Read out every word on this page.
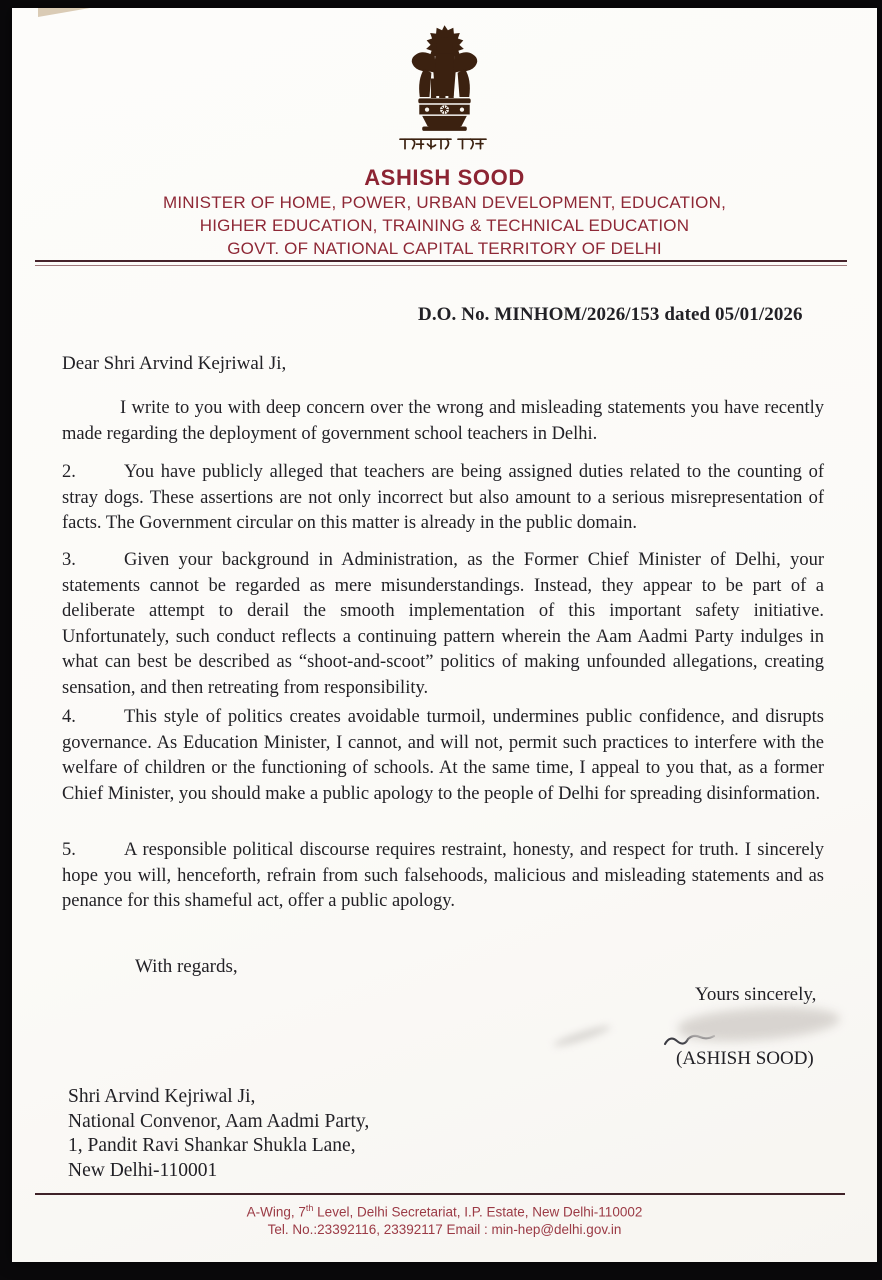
ASHISH SOOD
MINISTER OF HOME, POWER, URBAN DEVELOPMENT, EDUCATION,
HIGHER EDUCATION, TRAINING & TECHNICAL EDUCATION
GOVT. OF NATIONAL CAPITAL TERRITORY OF DELHI
D.O. No. MINHOM/2026/153 dated 05/01/2026
Dear Shri Arvind Kejriwal Ji,
I write to you with deep concern over the wrong and misleading statements you have recently made regarding the deployment of government school teachers in Delhi.
2.	You have publicly alleged that teachers are being assigned duties related to the counting of stray dogs. These assertions are not only incorrect but also amount to a serious misrepresentation of facts. The Government circular on this matter is already in the public domain.
3.	Given your background in Administration, as the Former Chief Minister of Delhi, your statements cannot be regarded as mere misunderstandings. Instead, they appear to be part of a deliberate attempt to derail the smooth implementation of this important safety initiative. Unfortunately, such conduct reflects a continuing pattern wherein the Aam Aadmi Party indulges in what can best be described as “shoot-and-scoot” politics of making unfounded allegations, creating sensation, and then retreating from responsibility.
4.	This style of politics creates avoidable turmoil, undermines public confidence, and disrupts governance. As Education Minister, I cannot, and will not, permit such practices to interfere with the welfare of children or the functioning of schools. At the same time, I appeal to you that, as a former Chief Minister, you should make a public apology to the people of Delhi for spreading disinformation.
5.	A responsible political discourse requires restraint, honesty, and respect for truth. I sincerely hope you will, henceforth, refrain from such falsehoods, malicious and misleading statements and as penance for this shameful act, offer a public apology.
With regards,
Yours sincerely,
(ASHISH SOOD)
Shri Arvind Kejriwal Ji,
National Convenor, Aam Aadmi Party,
1, Pandit Ravi Shankar Shukla Lane,
New Delhi-110001
A-Wing, 7th Level, Delhi Secretariat, I.P. Estate, New Delhi-110002
Tel. No.:23392116, 23392117 Email : min-hep@delhi.gov.in
